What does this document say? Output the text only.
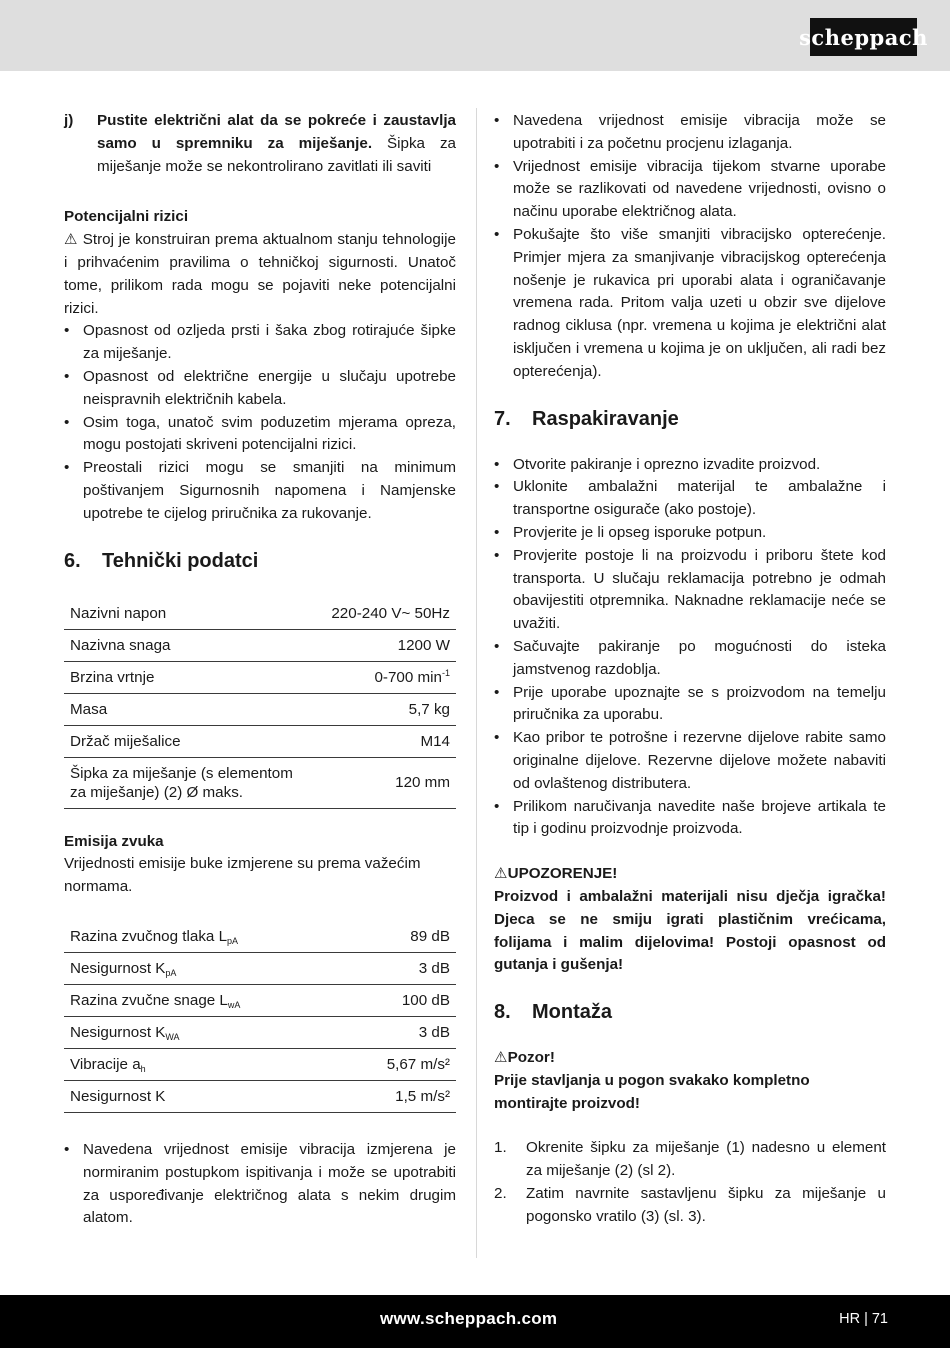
scheppach
j)	Pustite električni alat da se pokreće i zaustavlja samo u spremniku za miješanje. Šipka za miješanje može se nekontrolirano zavitlati ili saviti

Potencijalni rizici

⚠ Stroj je konstruiran prema aktualnom stanju tehnologije i prihvaćenim pravilima o tehničkoj sigurnosti. Unatoč tome, prilikom rada mogu se pojaviti neke potencijalni rizici.

• Opasnost od ozljeda prsti i šaka zbog rotirajuće šipke za miješanje.
• Opasnost od električne energije u slučaju upotrebe neispravnih električnih kabela.
• Osim toga, unatoč svim poduzetim mjerama opreza, mogu postojati skriveni potencijalni rizici.
• Preostali rizici mogu se smanjiti na minimum poštivanjem Sigurnosnih napomena i Namjenske upotrebe te cijelog priručnika za rukovanje.
6.	Tehnički podatci
Nazivni napon	220-240 V~ 50Hz
Nazivna snaga	1200 W
Brzina vrtnje	0-700 $\min^{-1}$
Masa	5,7 kg
Držač miješalice	M14
Šipka za miješanje (s elementom za miješanje) (2) Ø maks.	120 mm

Emisija zvuka

Vrijednosti emisije buke izmjerene su prema važećim normama.

Razina zvučnog tlaka $L_{pA}$	89 dB
Nesigurnost $K_{pA}$	3 dB
Razina zvučne snage $L_{wA}$	100 dB
Nesigurnost $K_{WA}$	3 dB
Vibracije $a_h$	5,67 m/s²
Nesigurnost K	1,5 m/s²
• Navedena vrijednost emisije vibracija izmjerena je normiranim postupkom ispitivanja i može se upotrabiti za uspoređivanje električnog alata s nekim drugim alatom.
• Navedena vrijednost emisije vibracija može se upotrabiti i za početnu procjenu izlaganja.
• Vrijednost emisije vibracija tijekom stvarne uporabe može se razlikovati od navedene vrijednosti, ovisno o načinu uporabe električnog alata.
• Pokušajte što više smanjiti vibracijsko opterećenje. Primjer mjera za smanjivanje vibracijskog opterećenja nošenje je rukavica pri uporabi alata i ograničavanje vremena rada. Pritom valja uzeti u obzir sve dijelove radnog ciklusa (npr. vremena u kojima je električni alat isključen i vremena u kojima je on uključen, ali radi bez opterećenja).
7.	Raspakiravanje
• Otvorite pakiranje i oprezno izvadite proizvod.
• Uklonite ambalažni materijal te ambalažne i transportne osigurače (ako postoje).
• Provjerite je li opseg isporuke potpun.
• Provjerite postoje li na proizvodu i priboru štete kod transporta. U slučaju reklamacija potrebno je odmah obavijestiti otpremnika. Naknadne reklamacije neće se uvažiti.
• Sačuvajte pakiranje po mogućnosti do isteka jamstvenog razdoblja.
• Prije uporabe upoznajte se s proizvodom na temelju priručnika za uporabu.
• Kao pribor te potrošne i rezervne dijelove rabite samo originalne dijelove. Rezervne dijelove možete nabaviti od ovlaštenog distributera.
• Prilikom naručivanja navedite naše brojeve artikala te tip i godinu proizvodnje proizvoda.

⚠UPOZORENJE!

Proizvod i ambalažni materijali nisu dječja igračka! Djeca se ne smiju igrati plastičnim vrećicama, folijama i malim dijelovima! Postoji opasnost od gutanja i gušenja!

8.	Montaža

⚠Pozor!

Prije stavljanja u pogon svakako kompletno montirajte proizvod!

1. Okrenite šipku za miješanje (1) nadesno u element za miješanje (2) (sl 2).
2. Zatim navrnite sastavljenu šipku za miješanje u pogonsko vratilo (3) (sl. 3).
www.scheppach.com	HR | 71
